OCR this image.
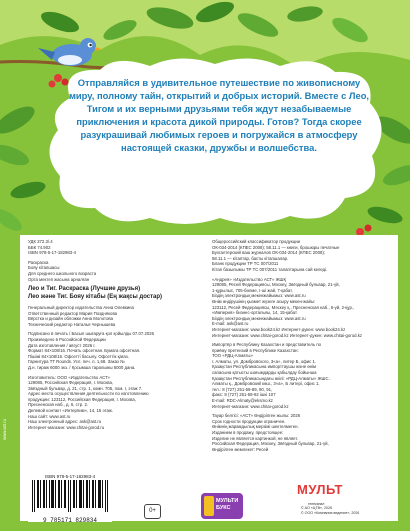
Отправляйся в удивительное путешествие по живописному миру, полному тайн, открытий и добрых историй. Вместе с Лео, Тигом и их верными друзьями тебя ждут незабываемые приключения и красота дикой природы. Готов? Тогда скорее разукрашивай любимых героев и погружайся в атмосферу настоящей сказки, дружбы и волшебства.

УДК 372.3/.4
ББК 74.902
ISBN 978-5-17-182983-4
Раскраска
Бояу кітапшасы
Для среднего школьного возраста
Орта мектеп жасына арналған
Лео и Тиг. Раскраска (Лучшие друзья)
Лео және Тиг. Бояу кітабы (Ең жақсы достар)
Генеральный директор издательства Анна Олевкина
Ответственный редактор Мария Позднякова
Вёрстка и дизайн обложки Анна Молотова
Технический редактор Наталья Чернышева
Подписано в печать / Басып шығаруға қол қойылды 07.07.2026
Произведено в Российской Федерации
Дата изготовления / август 2026 г.
Формат 84×108/16. Печать офсетная. Бумага офсетная.
Пішімі 84×108/16. Офсетті басылу. Офсеттік қағаз.
Гарнитура TT Rounds. Усл. печ. л. 1,68. Заказ №
Д.н. тираж 6000 экз. / Қосымша таралымы 6000 дана.
Изготовитель: ООО «Издательство АСТ»
129085, Российская Федерация, г. Москва,
Звёздный бульвар, д. 21, стр. 1, комн. 705, пом. I, этаж 7.
Адрес места осуществления деятельности по изготовлению
продукции: 123112, Российская Федерация, г. Москва,
Пресненская наб., д. 6, стр. 2.
Делевой контакт «Интерпим», 14, 15 этаж.
Наш сайт: www.ast.ru
Наш электронный адрес: ask@ast.ru
Интернет-магазин: www.chitai-gorod.ru
Общероссийский классификатор продукции
ОК-034-2014 (КПЕС 2008); 58.11.1 — книги, брошюры печатные
Бухгалтерский ваш журналов ОК-034-2014 (КПЕС 2008);
58.11.1 — кітаптар, басты кітапшалар.
Бланк продукции ТР ТС 007/2011
Кітап базылымы ТР ТС 007/2011 талаптарына сай келеді.
«Андрея» «Издательство АСТ» ЖШҚ
129085, Ресей Федерациясы, Мәскеу, Звёздный бульвар, 21-үй,
1-құрылыс, 705-бөлме, I-ші жай, 7-қабат.
Біздің электрондық мекенжайымыз: www.ast.ru
Өнім өндірушінің қызмет жүзеге асыру мекен-жайы:
123112, Ресей Федерациясы, Мәскеу қ., Пресненская наб., 6-үй, 2-құр.,
«Империя» бизнес-орталығы, 14, 15-қабат.
Біздің электрондық мекенжайымыз: www.ast.ru
E-mail: ask@ast.ru
Интернет-магазин: www.book24.kz Интернет-дүкен: www.book24.kz
Интернет-магазин: www.chitai-gorod.kz Интернет-дүкен: www.chitai-gorod.kz
Импортёр в Республику Казахстан и представитель по
приёму претензий в Республике Казахстан:
ТОО «РДЦ-Алматы»
г. Алматы, ул. Домбровского, 3«а», литер Б, офис 1.
Қазақстан Республикасына импорттаушы және өнім
сапасына қатысты шағымдарды қабылдау бойынша
Қазақстан Республикасындағы өкілі: «РДЦ-Алматы» ЖШС.
Алматы қ., Домбровский көш., 3«а», Б литері, офис 1.
тел.: 8 (727) 251-59-89, 90, 91,
факс: 8 (727) 251-59-92 ішкі 107
E-mail: RDC-Almaty@eksmo.kz
Интернет-магазин: www.chitai-gorod.kz
Тауар белгісі: «АСТ» Өндірілген жылы: 2026
Срок годности продукции ограничен.
Өнімнің жарамдылық мерзімі шектелмеген.
Изданием в продажу, предстоящее:
Изделие не является картинкой, не являет.
Российская Федерация, Мәскеу, Звёздный бульвар, 21-үй,
Өндірілген мемлекет: Ресей
ISBN 978-5-17-182983-4
9 785171 829834
0+
МУЛЬТИ БУКС
МУЛЬТ
телеканал
© АО «ЦТВ», 2026
© ООО «Компания ведение», 2026
www.ast.ru
